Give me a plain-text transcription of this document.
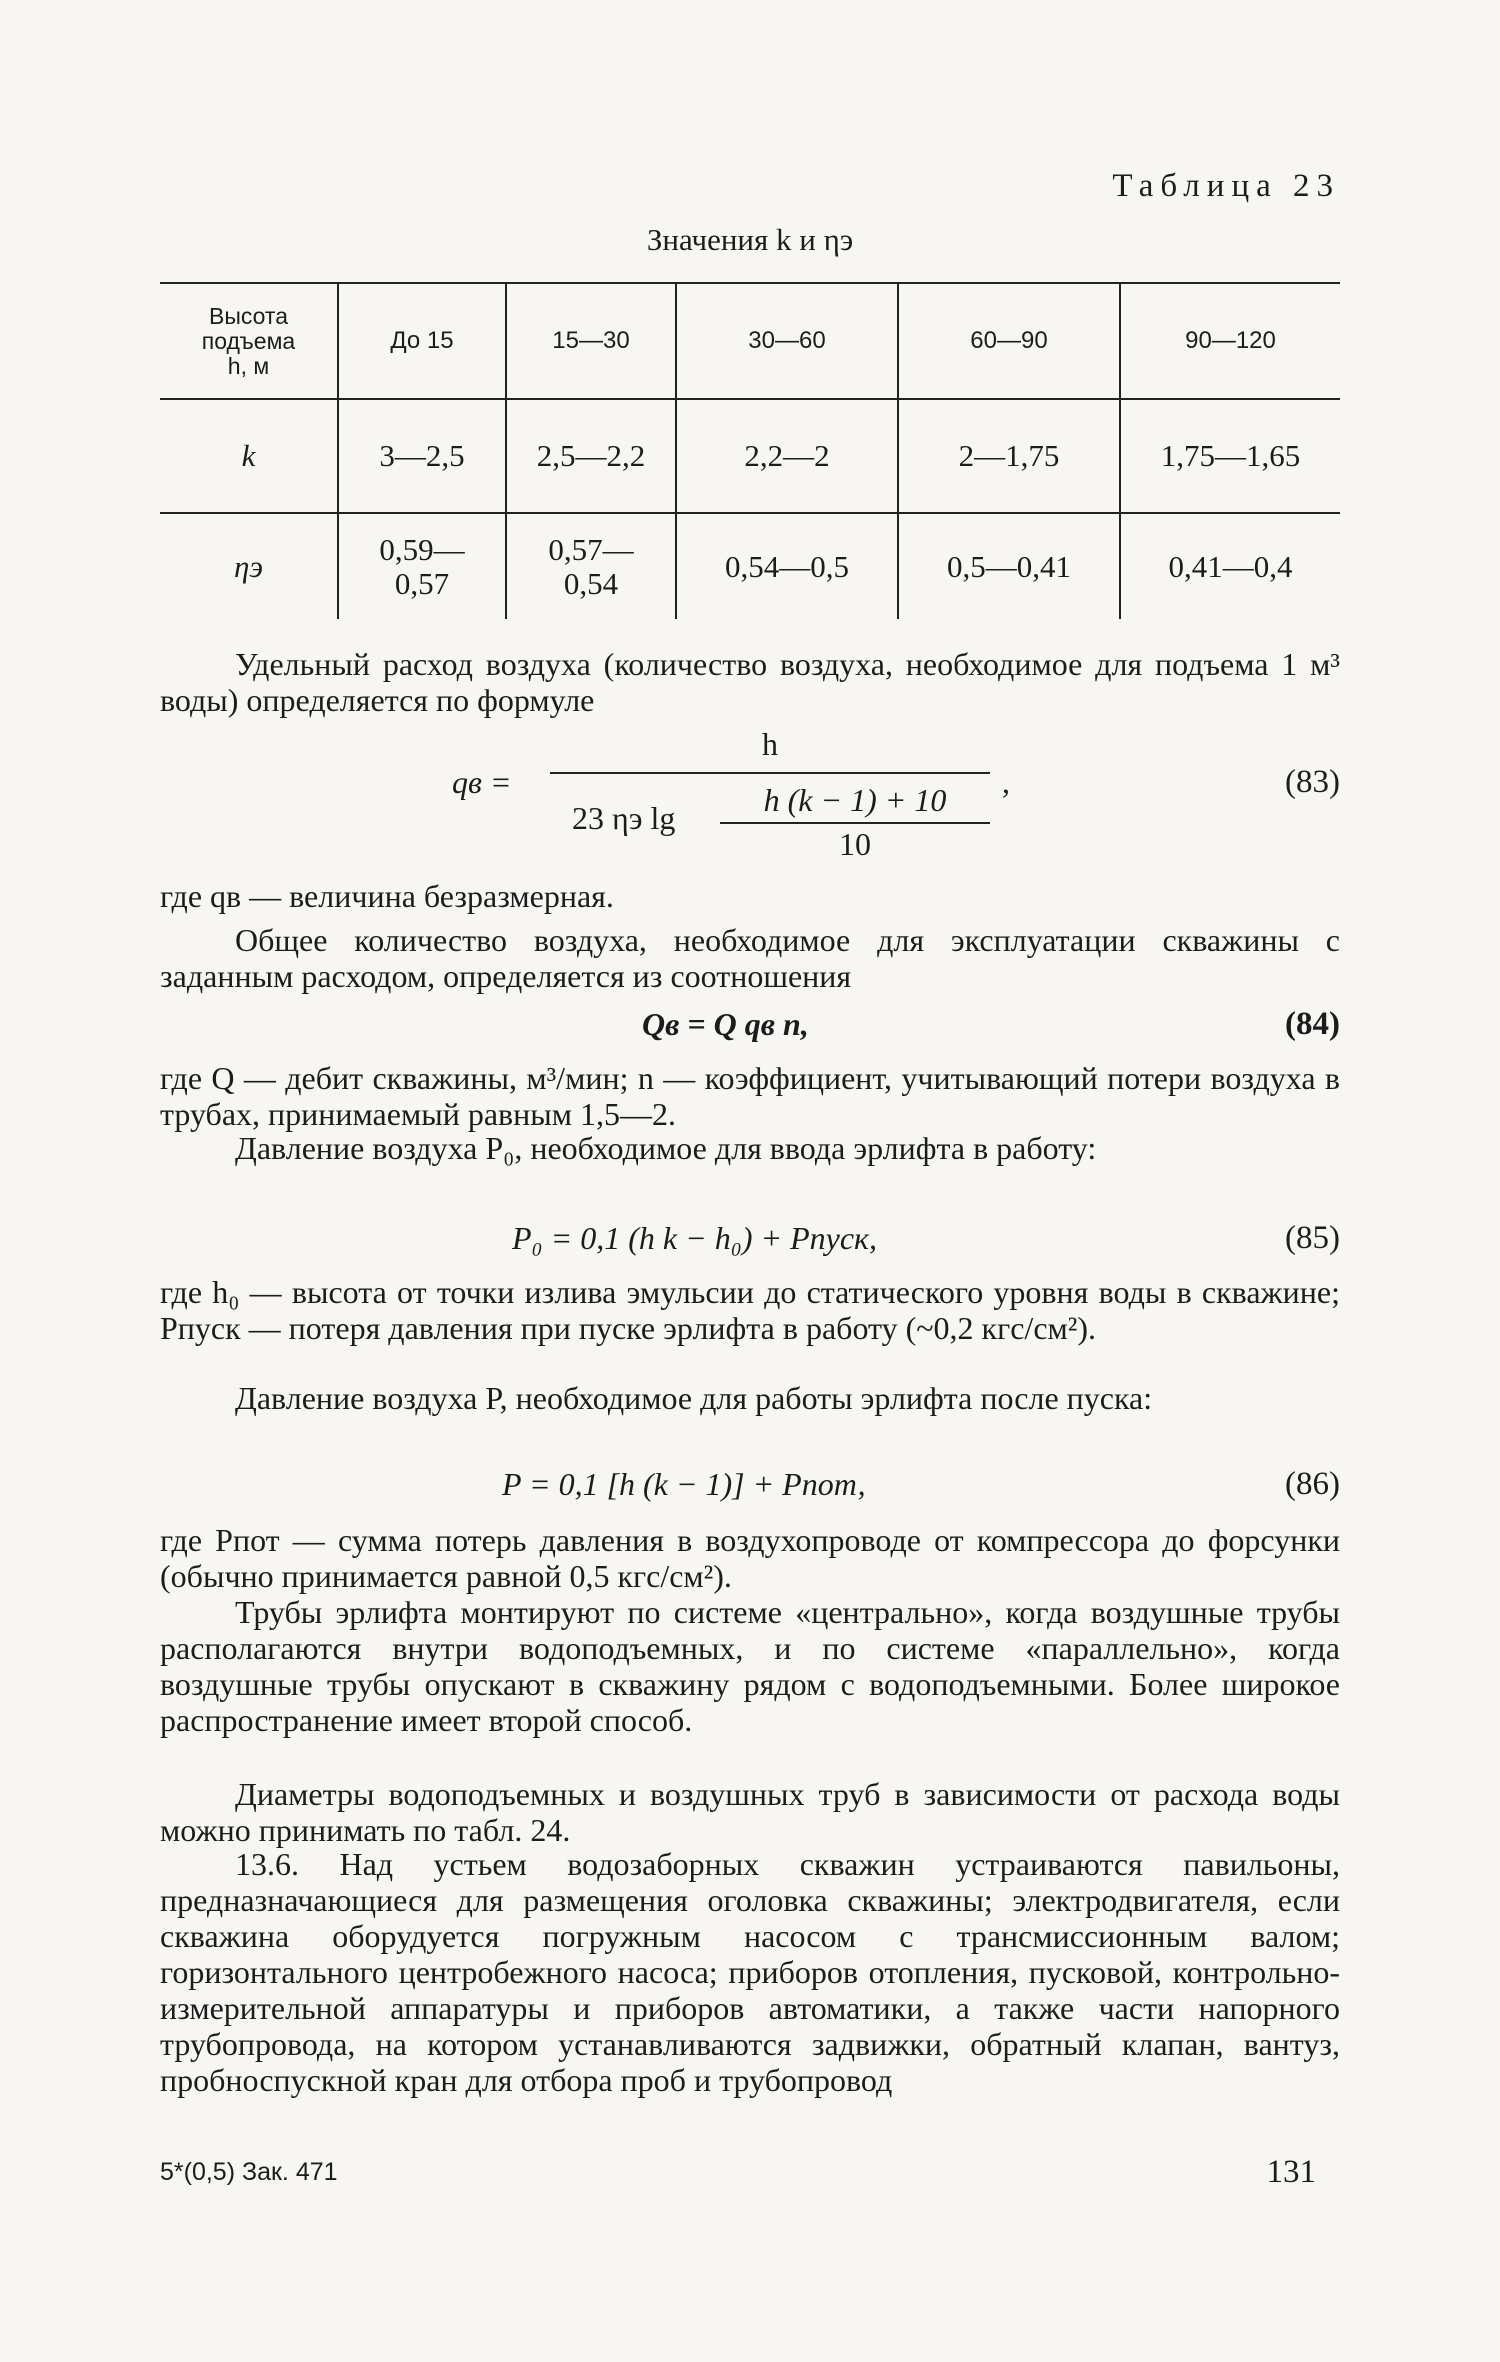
Таблица 23
Значения k и ηэ
Высота
подъема
h, м	До 15	15—30	30—60	60—90	90—120
k	3—2,5	2,5—2,2	2,2—2	2—1,75	1,75—1,65
ηэ	0,59— 0,57	0,57— 0,54	0,54—0,5	0,5—0,41	0,41—0,4
Удельный расход воздуха (количество воздуха, необходимое для подъема 1 м³ воды) определяется по формуле
qв =
h
23 ηэ lg	h (k − 1) + 10
10
,	(83)
где qв — величина безразмерная.
Общее количество воздуха, необходимое для эксплуатации скважины с заданным расходом, определяется из соотношения
Qв = Q qв n,	(84)
где Q — дебит скважины, м³/мин; n — коэффициент, учитывающий потери воздуха в трубах, принимаемый равным 1,5—2.
Давление воздуха P₀, необходимое для ввода эрлифта в работу:
P₀ = 0,1 (h k − h₀) + Pпуск,	(85)
где h₀ — высота от точки излива эмульсии до статического уровня воды в скважине; Pпуск — потеря давления при пуске эрлифта в работу (~0,2 кгс/см²).
Давление воздуха P, необходимое для работы эрлифта после пуска:
P = 0,1 [h (k − 1)] + Pпот,	(86)
где Pпот — сумма потерь давления в воздухопроводе от компрессора до форсунки (обычно принимается равной 0,5 кгс/см²).
Трубы эрлифта монтируют по системе «центрально», когда воздушные трубы располагаются внутри водоподъемных, и по системе «параллельно», когда воздушные трубы опускают в скважину рядом с водоподъемными. Более широкое распространение имеет второй способ.
Диаметры водоподъемных и воздушных труб в зависимости от расхода воды можно принимать по табл. 24.
13.6. Над устьем водозаборных скважин устраиваются павильоны, предназначающиеся для размещения оголовка скважины; электродвигателя, если скважина оборудуется погружным насосом с трансмиссионным валом; горизонтального центробежного насоса; приборов отопления, пусковой, контрольно-измерительной аппаратуры и приборов автоматики, а также части напорного трубопровода, на котором устанавливаются задвижки, обратный клапан, вантуз, пробноспускной кран для отбора проб и трубопровод
5*(0,5) Зак. 471	131
